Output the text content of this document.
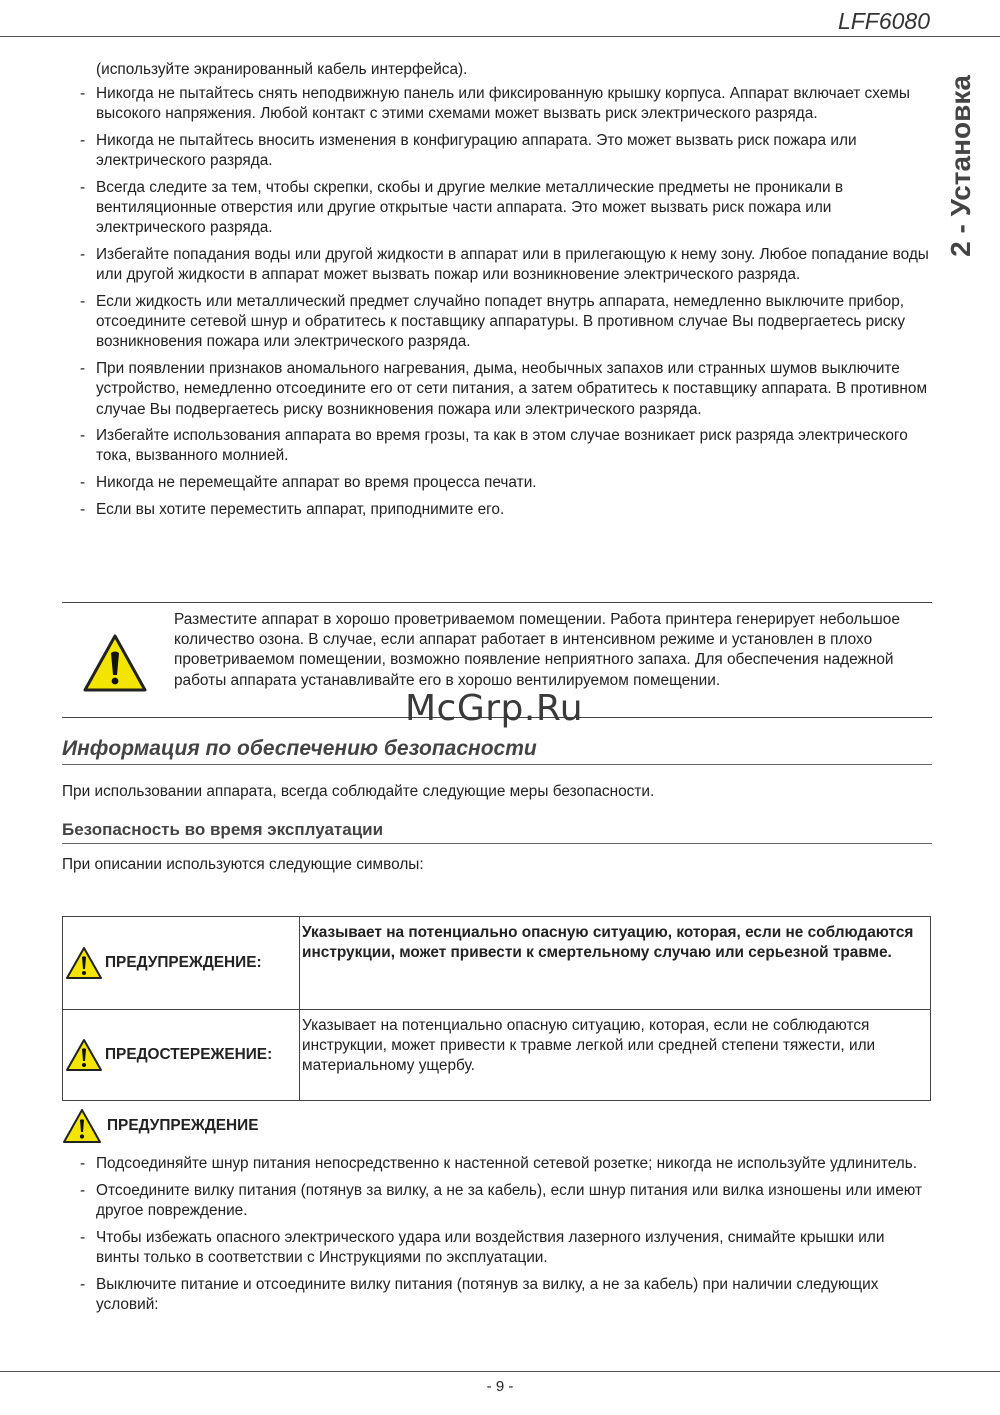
LFF6080
2 - Установка

(используйте экранированный кабель интерфейса).

- Никогда не пытайтесь снять неподвижную панель или фиксированную крышку корпуса. Аппарат включает схемы высокого напряжения. Любой контакт с этими схемами может вызвать риск электрического разряда.
- Никогда не пытайтесь вносить изменения в конфигурацию аппарата. Это может вызвать риск пожара или электрического разряда.
- Всегда следите за тем, чтобы скрепки, скобы и другие мелкие металлические предметы не проникали в вентиляционные отверстия или другие открытые части аппарата. Это может вызвать риск пожара или электрического разряда.
- Избегайте попадания воды или другой жидкости в аппарат или в прилегающую к нему зону. Любое попадание воды или другой жидкости в аппарат может вызвать пожар или возникновение электрического разряда.
- Если жидкость или металлический предмет случайно попадет внутрь аппарата, немедленно выключите прибор, отсоедините сетевой шнур и обратитесь к поставщику аппаратуры. В противном случае Вы подвергаетесь риску возникновения пожара или электрического разряда.
- При появлении признаков аномального нагревания, дыма, необычных запахов или странных шумов выключите устройство, немедленно отсоедините его от сети питания, а затем обратитесь к поставщику аппарата. В противном случае Вы подвергаетесь риску возникновения пожара или электрического разряда.
- Избегайте использования аппарата во время грозы, та как в этом случае возникает риск разряда электрического тока, вызванного молнией.
- Никогда не перемещайте аппарат во время процесса печати.
- Если вы хотите переместить аппарат, приподнимите его.
Разместите аппарат в хорошо проветриваемом помещении. Работа принтера генерирует небольшое количество озона. В случае, если аппарат работает в интенсивном режиме и установлен в плохо проветриваемом помещении, возможно появление неприятного запаха. Для обеспечения надежной работы аппарата устанавливайте его в хорошо вентилируемом помещении.
McGrp.Ru
Информация по обеспечению безопасности
При использовании аппарата, всегда соблюдайте следующие меры безопасности.
Безопасность во время эксплуатации
При описании используются следующие символы:
ПРЕДУПРЕЖДЕНИЕ:	Указывает на потенциально опасную ситуацию, которая, если не соблюдаются инструкции, может привести к смертельному случаю или серьезной травме.

ПРЕДОСТЕРЕЖЕНИЕ:	Указывает на потенциально опасную ситуацию, которая, если не соблюдаются инструкции, может привести к травме легкой или средней степени тяжести, или материальному ущербу.
ПРЕДУПРЕЖДЕНИЕ
- Подсоединяйте шнур питания непосредственно к настенной сетевой розетке; никогда не используйте удлинитель.
- Отсоедините вилку питания (потянув за вилку, а не за кабель), если шнур питания или вилка изношены или имеют другое повреждение.
- Чтобы избежать опасного электрического удара или воздействия лазерного излучения, снимайте крышки или винты только в соответствии с Инструкциями по эксплуатации.
- Выключите питание и отсоедините вилку питания (потянув за вилку, а не за кабель) при наличии следующих условий:
- 9 -
